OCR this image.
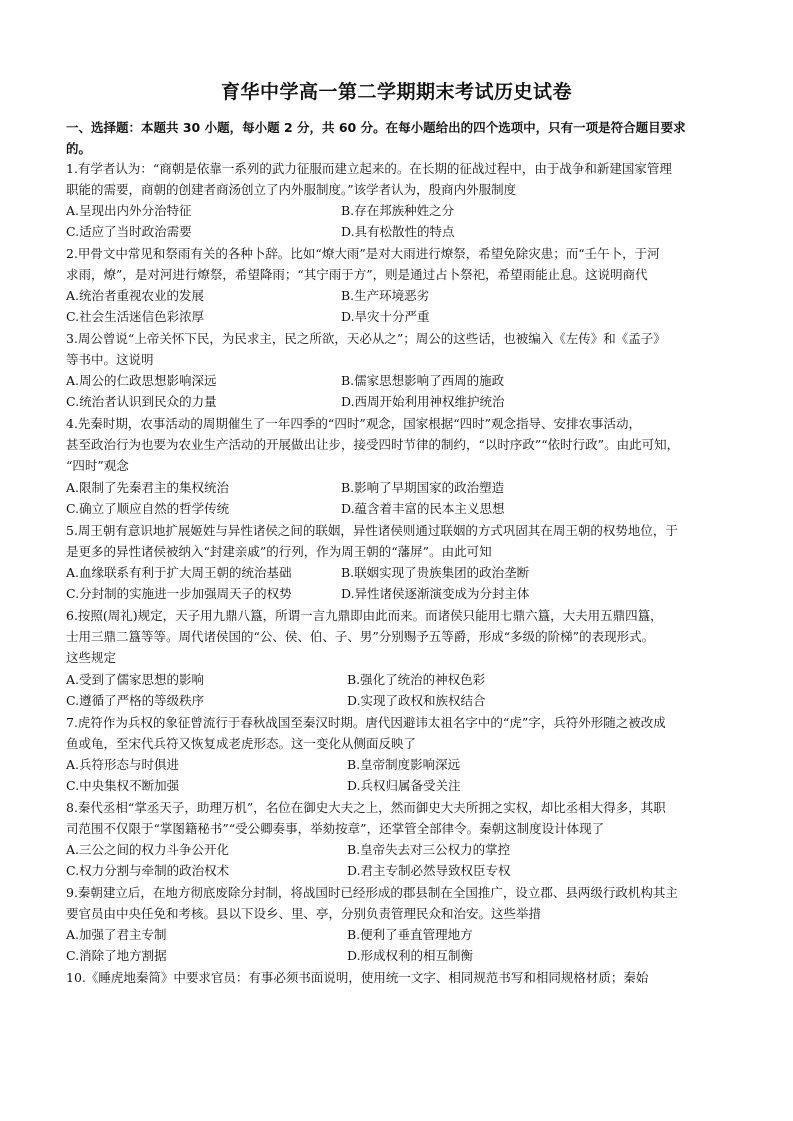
育华中学高一第二学期期末考试历史试卷
一、选择题：本题共 30 小题，每小题 2 分，共 60 分。在每小题给出的四个选项中，只有一项是符合题目要求
的。
1.有学者认为：“商朝是依靠一系列的武力征服而建立起来的。在长期的征战过程中，由于战争和新建国家管理
职能的需要，商朝的创建者商汤创立了内外服制度。”该学者认为，殷商内外服制度
A.呈现出内外分治特征	B.存在邦族种姓之分
C.适应了当时政治需要	D.具有松散性的特点
2.甲骨文中常见和祭雨有关的各种卜辞。比如“燎大雨”是对大雨进行燎祭，希望免除灾患；而“壬午卜，于河
求雨，燎”，是对河进行燎祭，希望降雨；“其宁雨于方”，则是通过占卜祭祀，希望雨能止息。这说明商代
A.统治者重视农业的发展	B.生产环境恶劣
C.社会生活迷信色彩浓厚	D.旱灾十分严重
3.周公曾说“上帝关怀下民，为民求主，民之所欲，天必从之”；周公的这些话，也被编入《左传》和《孟子》
等书中。这说明
A.周公的仁政思想影响深远	B.儒家思想影响了西周的施政
C.统治者认识到民众的力量	D.西周开始利用神权维护统治
4.先秦时期，农事活动的周期催生了一年四季的“四时”观念，国家根据“四时”观念指导、安排农事活动，
甚至政治行为也要为农业生产活动的开展做出让步，接受四时节律的制约，“以时序政”“依时行政”。由此可知，
“四时”观念
A.限制了先秦君主的集权统治	B.影响了早期国家的政治塑造
C.确立了顺应自然的哲学传统	D.蕴含着丰富的民本主义思想
5.周王朝有意识地扩展姬姓与异性诸侯之间的联姻，异性诸侯则通过联姻的方式巩固其在周王朝的权势地位，于
是更多的异性诸侯被纳入“封建亲戚”的行列，作为周王朝的“藩屏”。由此可知
A.血缘联系有利于扩大周王朝的统治基础	B.联姻实现了贵族集团的政治垄断
C.分封制的实施进一步加强周天子的权势	D.异性诸侯逐渐演变成为分封主体
6.按照(周礼)规定，天子用九鼎八簋，所谓一言九鼎即由此而来。而诸侯只能用七鼎六簋，大夫用五鼎四簋，
士用三鼎二簋等等。周代诸侯国的“公、侯、伯、子、男”分别赐予五等爵，形成“多级的阶梯”的表现形式。
这些规定
A.受到了儒家思想的影响	B.强化了统治的神权色彩
C.遵循了严格的等级秩序	D.实现了政权和族权结合
7.虎符作为兵权的象征曾流行于春秋战国至秦汉时期。唐代因避讳太祖名字中的“虎”字，兵符外形随之被改成
鱼或龟，至宋代兵符又恢复成老虎形态。这一变化从侧面反映了
A.兵符形态与时俱进	B.皇帝制度影响深远
C.中央集权不断加强	D.兵权归属备受关注
8.秦代丞相“掌丞天子，助理万机”，名位在御史大夫之上，然而御史大夫所拥之实权，却比丞相大得多，其职
司范围不仅限于“掌图籍秘书”“受公卿奏事，举劾按章”，还掌管全部律令。秦朝这制度设计体现了
A.三公之间的权力斗争公开化	B.皇帝失去对三公权力的掌控
C.权力分割与牵制的政治权术	D.君主专制必然导致权臣专权
9.秦朝建立后，在地方彻底废除分封制，将战国时已经形成的郡县制在全国推广，设立郡、县两级行政机构其主
要官员由中央任免和考核。县以下设乡、里、亭，分别负责管理民众和治安。这些举措
A.加强了君主专制	B.便利了垂直管理地方
C.消除了地方割据	D.形成权利的相互制衡
10.《睡虎地秦简》中要求官员：有事必须书面说明，使用统一文字、相同规范书写和相同规格材质；秦始
